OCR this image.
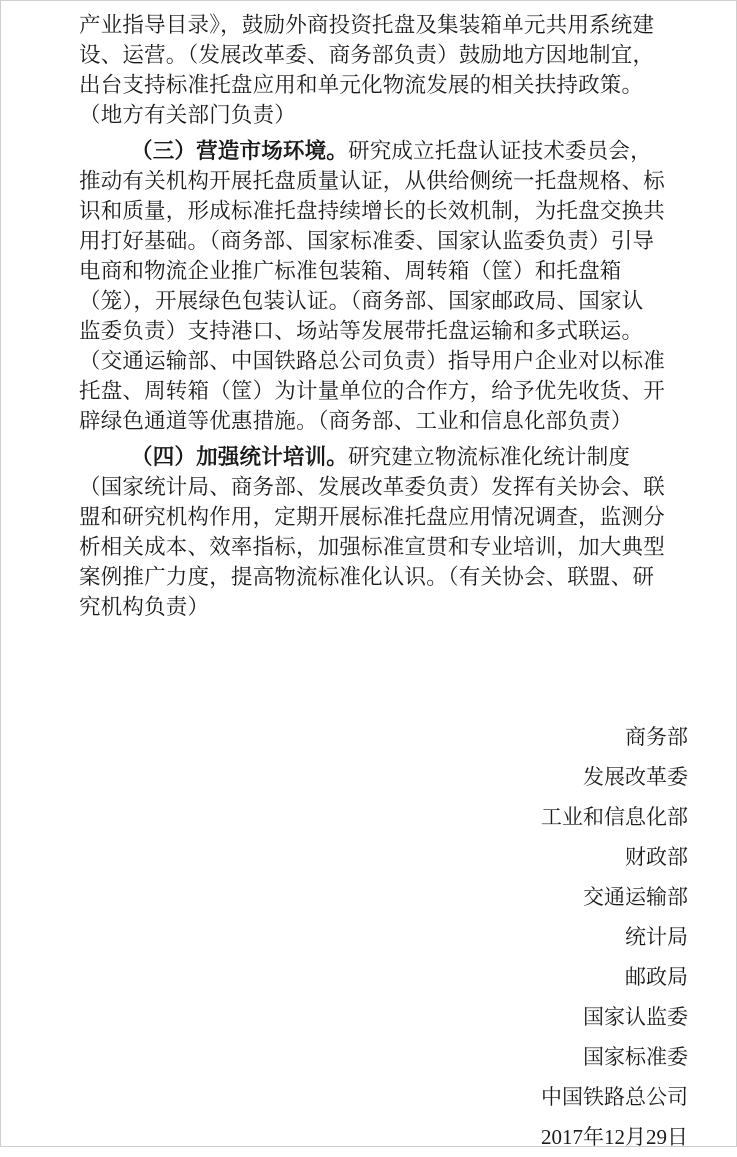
产业指导目录》，鼓励外商投资托盘及集装箱单元共用系统建
设、运营。（发展改革委、商务部负责）鼓励地方因地制宜，
出台支持标准托盘应用和单元化物流发展的相关扶持政策。
（地方有关部门负责）
（三）营造市场环境。研究成立托盘认证技术委员会，
推动有关机构开展托盘质量认证，从供给侧统一托盘规格、标
识和质量，形成标准托盘持续增长的长效机制，为托盘交换共
用打好基础。（商务部、国家标准委、国家认监委负责）引导
电商和物流企业推广标准包装箱、周转箱（筐）和托盘箱
（笼），开展绿色包装认证。（商务部、国家邮政局、国家认
监委负责）支持港口、场站等发展带托盘运输和多式联运。
（交通运输部、中国铁路总公司负责）指导用户企业对以标准
托盘、周转箱（筐）为计量单位的合作方，给予优先收货、开
辟绿色通道等优惠措施。（商务部、工业和信息化部负责）
（四）加强统计培训。研究建立物流标准化统计制度
（国家统计局、商务部、发展改革委负责）发挥有关协会、联
盟和研究机构作用，定期开展标准托盘应用情况调查，监测分
析相关成本、效率指标，加强标准宣贯和专业培训，加大典型
案例推广力度，提高物流标准化认识。（有关协会、联盟、研
究机构负责）
商务部
发展改革委
工业和信息化部
财政部
交通运输部
统计局
邮政局
国家认监委
国家标准委
中国铁路总公司
2017年12月29日
